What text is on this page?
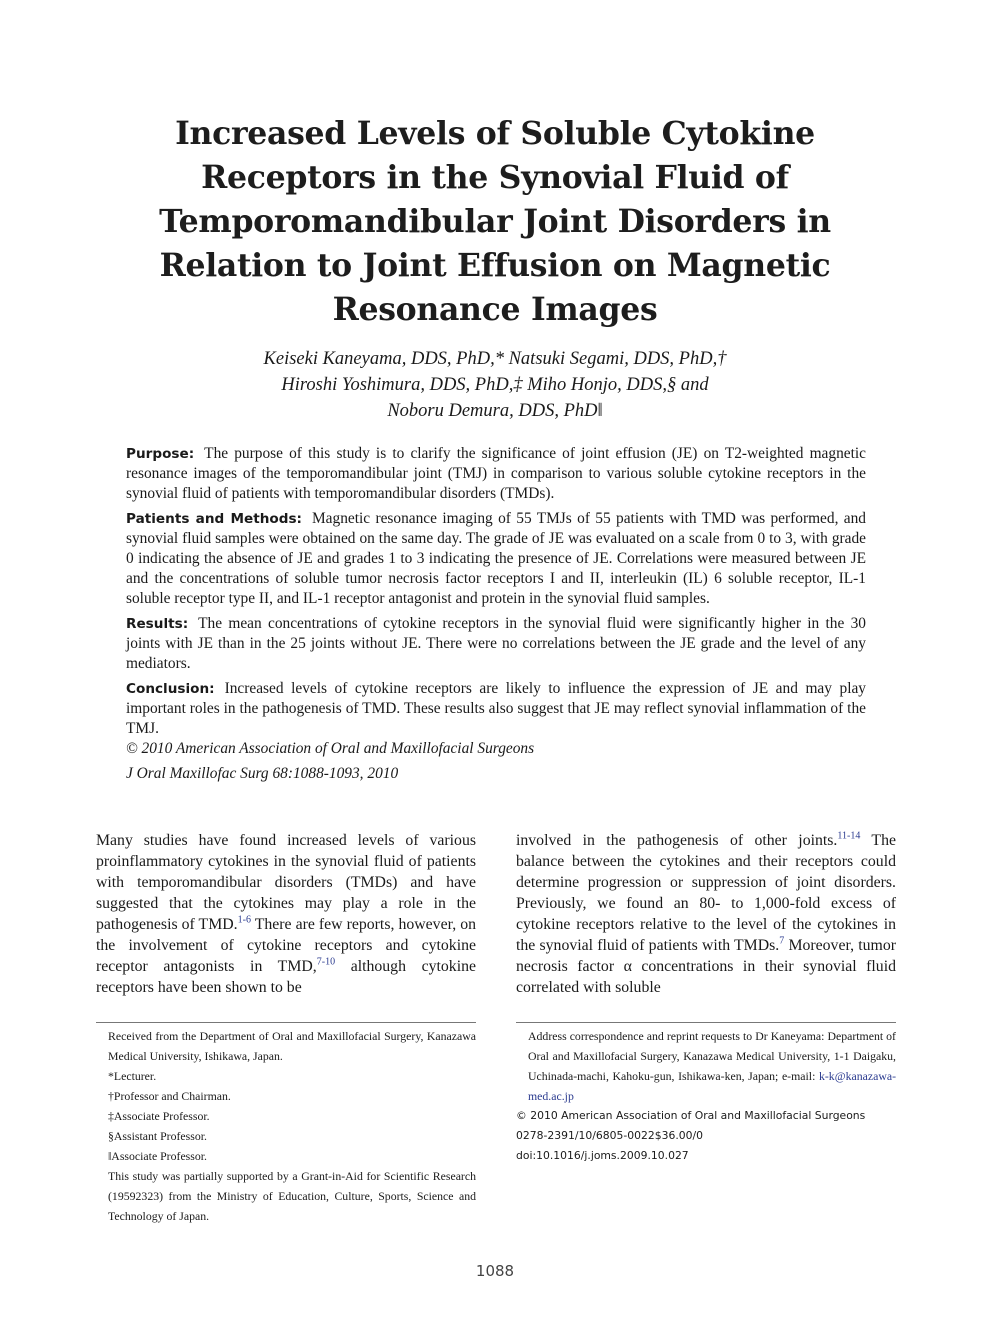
Increased Levels of Soluble Cytokine
Receptors in the Synovial Fluid of
Temporomandibular Joint Disorders in
Relation to Joint Effusion on Magnetic
Resonance Images
Keiseki Kaneyama, DDS, PhD,* Natsuki Segami, DDS, PhD,†
Hiroshi Yoshimura, DDS, PhD,‡ Miho Honjo, DDS,§ and
Noboru Demura, DDS, PhD‖

Purpose: The purpose of this study is to clarify the significance of joint effusion (JE) on T2-weighted magnetic resonance images of the temporomandibular joint (TMJ) in comparison to various soluble cytokine receptors in the synovial fluid of patients with temporomandibular disorders (TMDs).

Patients and Methods: Magnetic resonance imaging of 55 TMJs of 55 patients with TMD was performed, and synovial fluid samples were obtained on the same day. The grade of JE was evaluated on a scale from 0 to 3, with grade 0 indicating the absence of JE and grades 1 to 3 indicating the presence of JE. Correlations were measured between JE and the concentrations of soluble tumor necrosis factor receptors I and II, interleukin (IL) 6 soluble receptor, IL-1 soluble receptor type II, and IL-1 receptor antagonist and protein in the synovial fluid samples.

Results: The mean concentrations of cytokine receptors in the synovial fluid were significantly higher in the 30 joints with JE than in the 25 joints without JE. There were no correlations between the JE grade and the level of any mediators.

Conclusion: Increased levels of cytokine receptors are likely to influence the expression of JE and may play important roles in the pathogenesis of TMD. These results also suggest that JE may reflect synovial inflammation of the TMJ.

© 2010 American Association of Oral and Maxillofacial Surgeons

J Oral Maxillofac Surg 68:1088-1093, 2010

Many studies have found increased levels of various proinflammatory cytokines in the synovial fluid of patients with temporomandibular disorders (TMDs) and have suggested that the cytokines may play a role in the pathogenesis of TMD.$^{1-6}$ There are few reports, however, on the involvement of cytokine receptors and cytokine receptor antagonists in TMD,$^{7-10}$ although cytokine receptors have been shown to be
involved in the pathogenesis of other joints.$^{11-14}$ The balance between the cytokines and their receptors could determine progression or suppression of joint disorders. Previously, we found an 80- to 1,000-fold excess of cytokine receptors relative to the level of the cytokines in the synovial fluid of patients with TMDs.$^7$ Moreover, tumor necrosis factor α concentrations in their synovial fluid correlated with soluble

Received from the Department of Oral and Maxillofacial Surgery, Kanazawa Medical University, Ishikawa, Japan.

*Lecturer.

†Professor and Chairman.

‡Associate Professor.

§Assistant Professor.

‖Associate Professor.

This study was partially supported by a Grant-in-Aid for Scientific Research (19592323) from the Ministry of Education, Culture, Sports, Science and Technology of Japan.

Address correspondence and reprint requests to Dr Kaneyama: Department of Oral and Maxillofacial Surgery, Kanazawa Medical University, 1-1 Daigaku, Uchinada-machi, Kahoku-gun, Ishikawa-ken, Japan; e-mail: k-k@kanazawa-med.ac.jp

© 2010 American Association of Oral and Maxillofacial Surgeons

0278-2391/10/6805-0022$36.00/0

doi:10.1016/j.joms.2009.10.027

1088
